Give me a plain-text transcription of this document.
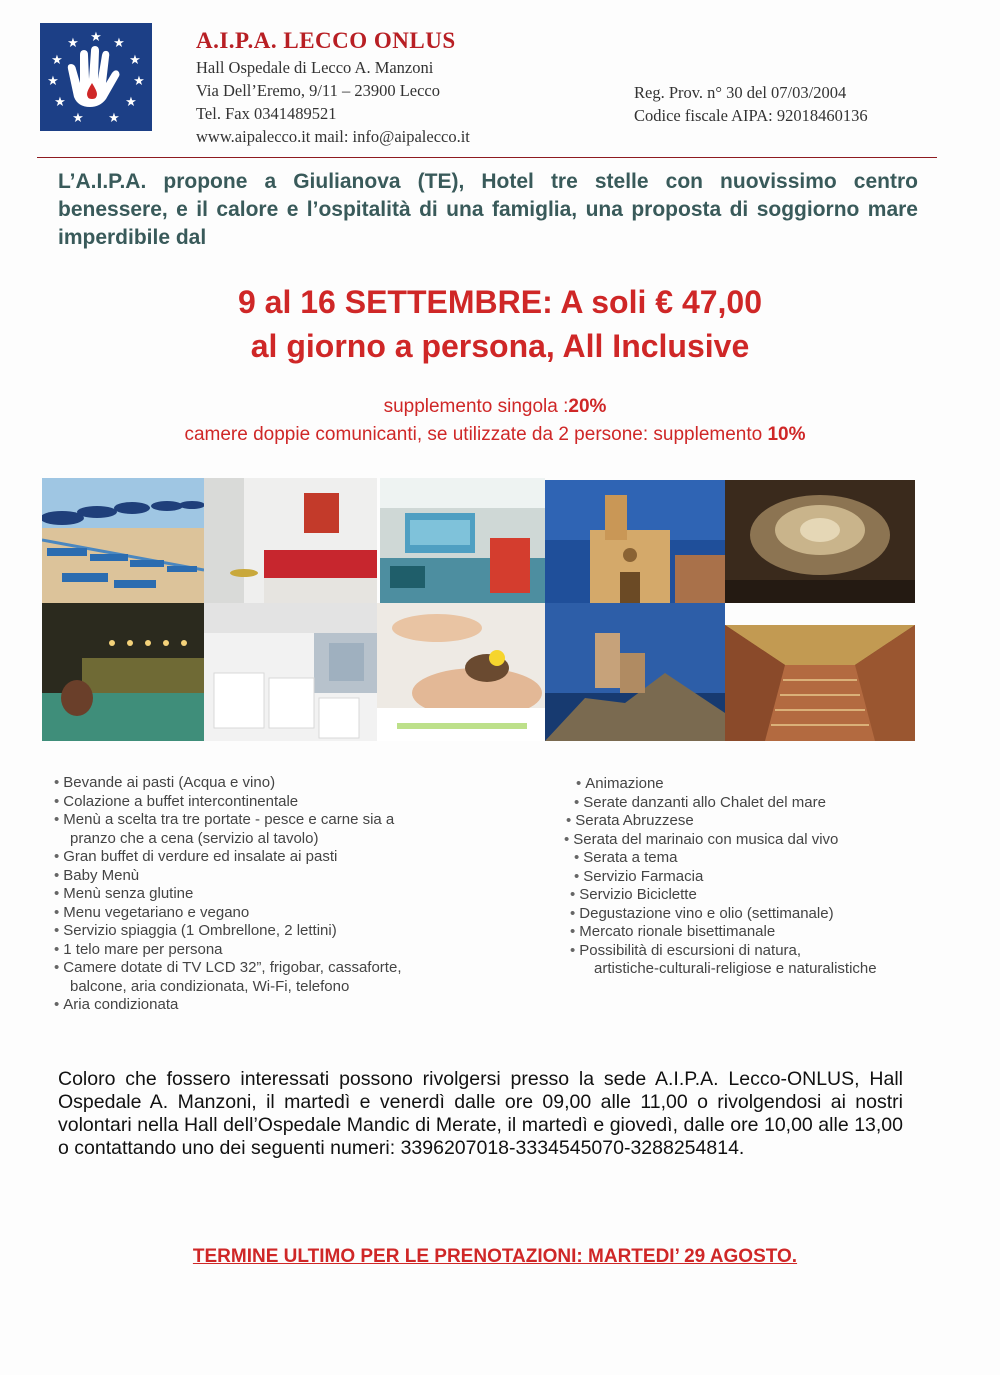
★ ★
★
★
★
★
★
★
★
★
★	A.I.P.A. LECCO ONLUS
Hall Ospedale di Lecco A. Manzoni
Via Dell’Eremo, 9/11 – 23900 Lecco
Tel. Fax 0341489521
www.aipalecco.it mail: info@aipalecco.it
Reg. Prov. n° 30 del 07/03/2004
Codice fiscale AIPA: 92018460136
L’A.I.P.A. propone a Giulianova (TE), Hotel tre stelle con nuovissimo centro benessere, e il calore e l’ospitalità di una famiglia, una proposta di soggiorno mare imperdibile dal
9 al 16 SETTEMBRE: A soli € 47,00
al giorno a persona, All Inclusive
supplemento singola :20%
camere doppie comunicanti, se utilizzate da 2 persone: supplemento 10%
• Bevande ai pasti (Acqua e vino)
• Colazione a buffet intercontinentale
• Menù a scelta tra tre portate - pesce e carne sia a
pranzo che a cena (servizio al tavolo)
• Gran buffet di verdure ed insalate ai pasti
• Baby Menù
• Menù senza glutine
• Menu vegetariano e vegano
• Servizio spiaggia (1 Ombrellone, 2 lettini)
• 1 telo mare per persona
• Camere dotate di TV LCD 32”, frigobar, cassaforte,
balcone, aria condizionata, Wi-Fi, telefono
• Aria condizionata
• Animazione
• Serate danzanti allo Chalet del mare
• Serata Abruzzese
• Serata del marinaio con musica dal vivo
• Serata a tema
• Servizio Farmacia
• Servizio Biciclette
• Degustazione vino e olio (settimanale)
• Mercato rionale bisettimanale
• Possibilità di escursioni di natura,
artistiche-culturali-religiose e naturalistiche
Coloro che fossero interessati possono rivolgersi presso la sede A.I.P.A. Lecco-ONLUS, Hall Ospedale A. Manzoni, il martedì e venerdì dalle ore 09,00 alle 11,00 o rivolgendosi ai nostri volontari nella Hall dell’Ospedale Mandic di Merate, il martedì e giovedì, dalle ore 10,00 alle 13,00 o contattando uno dei seguenti numeri: 3396207018-3334545070-3288254814.
TERMINE ULTIMO PER LE PRENOTAZIONI: MARTEDI’ 29 AGOSTO.
